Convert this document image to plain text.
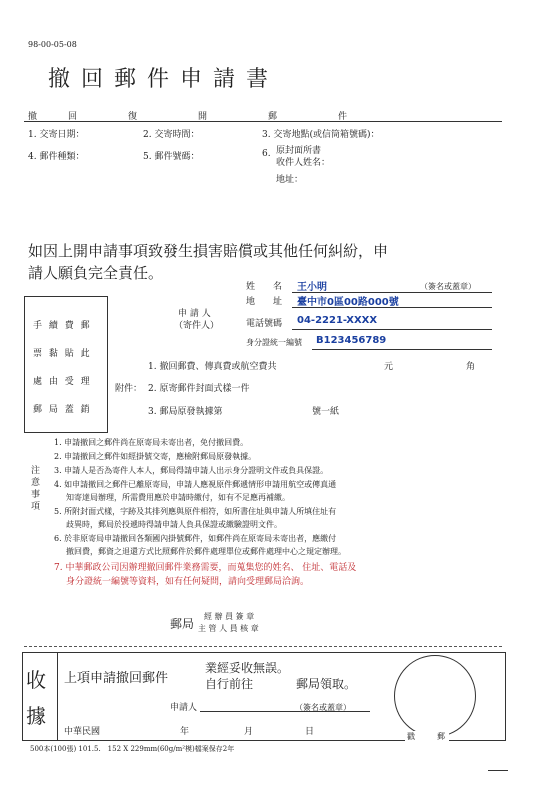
98-00-05-08
撤 回 郵 件 申 請 書
撤　　　回　　　　　復　　　　　　開　　　　　　郵　　　　　　件
1. 交寄日期：	2. 交寄時間：	3. 交寄地點(或信筒箱號碼)：
4. 郵件種類：	5. 郵件號碼：	6. 原封面所書
收件人姓名：
地址：
如因上開申請事項致發生損害賠償或其他任何糾紛，申
請人願負完全責任。
姓　　名 王小明	（簽名或蓋章）
地　　址 臺中市0區00路000號
申 請 人
（寄件人）	電話號碼 04-2221-XXXX
身分證統一編號 B123456789
手 續 費 郵
票 黏 貼 此
處 由 受 理
郵 局 蓋 銷
1. 撤回郵費、傳真費或航空費共	元	角
附件： 2. 原寄郵件封面式樣一件
3. 郵局原發執據第	號一紙
注
意
事
項
1. 申請撤回之郵件尚在原寄局未寄出者，免付撤回費。
2. 申請撤回之郵件如經掛號交寄，應檢附郵局原發執據。
3. 申請人是否為寄件人本人，郵局得請申請人出示身分證明文件或負具保證。
4. 如申請撤回之郵件已離原寄局，申請人應視原件郵遞情形申請用航空或傳真通
知寄達局辦理，所需費用應於申請時繳付，如有不足應再補繳。
5. 所附封面式樣，字跡及其排列應與原件相符，如所書住址與申請人所填住址有
歧異時，郵局於投遞時得請申請人負具保證或繳驗證明文件。
6. 於非原寄局申請撤回各類國內掛號郵件，如郵件尚在原寄局未寄出者，應繳付
撤回費，郵資之退還方式比照郵件於郵件處理單位或郵件處理中心之規定辦理。
7. 中華郵政公司因辦理撤回郵件業務需要，而蒐集您的姓名、 住址、電話及
身分證統一編號等資料，如有任何疑問，請向受理郵局洽詢。
郵局
經 辦 員 簽 章
主 管 人 員 核 章
收
據
上項申請撤回郵件
業經妥收無誤。
自行前往	郵局領取。
申請人	（簽名或蓋章）
中華民國	年	月	日	戳　　郵
500本(100張) 101.5.　152 X 229mm(60g/m²模)檔案保存2年
